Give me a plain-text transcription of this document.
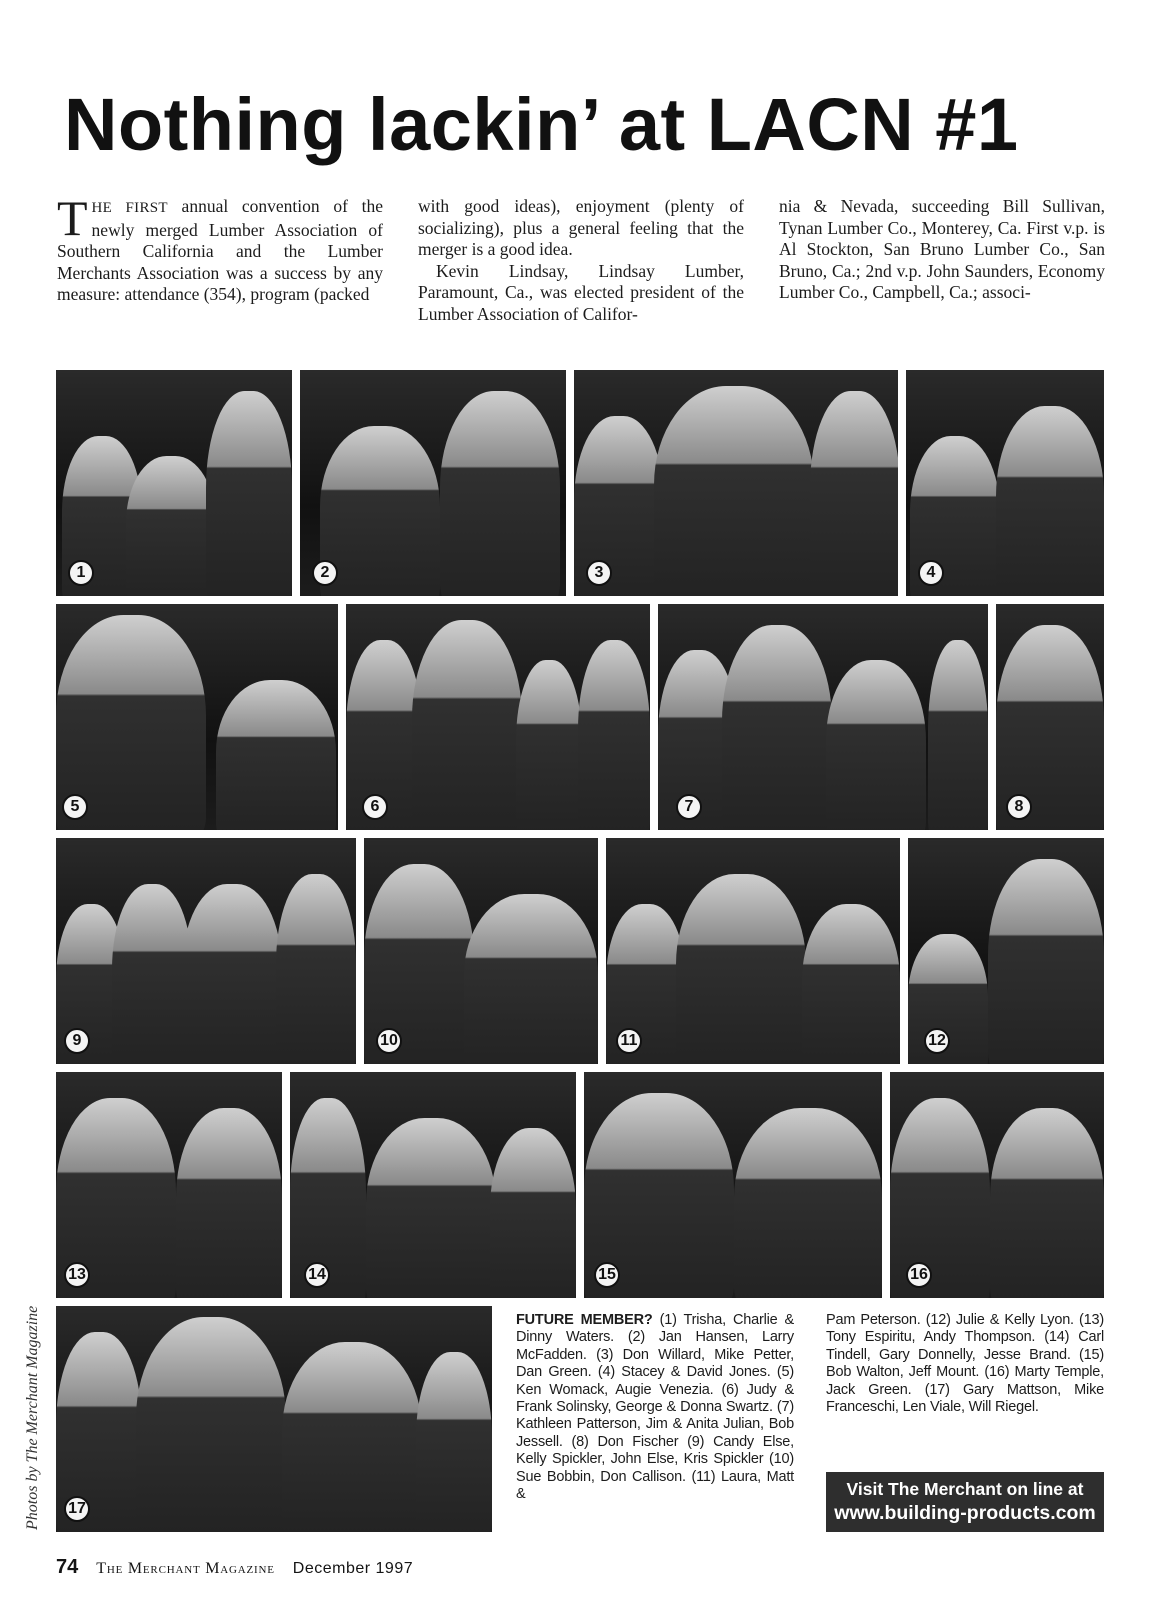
Nothing lackin’ at LACN #1
THE FIRST annual convention of the newly merged Lumber Association of Southern California and the Lumber Merchants Association was a success by any measure: attendance (354), program (packed
with good ideas), enjoyment (plenty of socializing), plus a general feeling that the merger is a good idea.
Kevin Lindsay, Lindsay Lumber, Paramount, Ca., was elected president of the Lumber Association of Califor-
nia & Nevada, succeeding Bill Sullivan, Tynan Lumber Co., Monterey, Ca. First v.p. is Al Stockton, San Bruno Lumber Co., San Bruno, Ca.; 2nd v.p. John Saunders, Economy Lumber Co., Campbell, Ca.; associ-
1	2	3	4
5	6	7	8
9	10	11	12
13	14	15	16
17
Photos by The Merchant Magazine	FUTURE MEMBER? (1) Trisha, Charlie & Dinny Waters. (2) Jan Hansen, Larry McFadden. (3) Don Willard, Mike Petter, Dan Green. (4) Stacey & David Jones. (5) Ken Womack, Augie Venezia. (6) Judy & Frank Solinsky, George & Donna Swartz. (7) Kathleen Patterson, Jim & Anita Julian, Bob Jessell. (8) Don Fischer (9) Candy Else, Kelly Spickler, John Else, Kris Spickler (10) Sue Bobbin, Don Callison. (11) Laura, Matt &
Pam Peterson. (12) Julie & Kelly Lyon. (13) Tony Espiritu, Andy Thompson. (14) Carl Tindell, Gary Donnelly, Jesse Brand. (15) Bob Walton, Jeff Mount. (16) Marty Temple, Jack Green. (17) Gary Mattson, Mike Franceschi, Len Viale, Will Riegel.
Visit The Merchant on line at
www.building-products.com
74 The Merchant Magazine December 1997
